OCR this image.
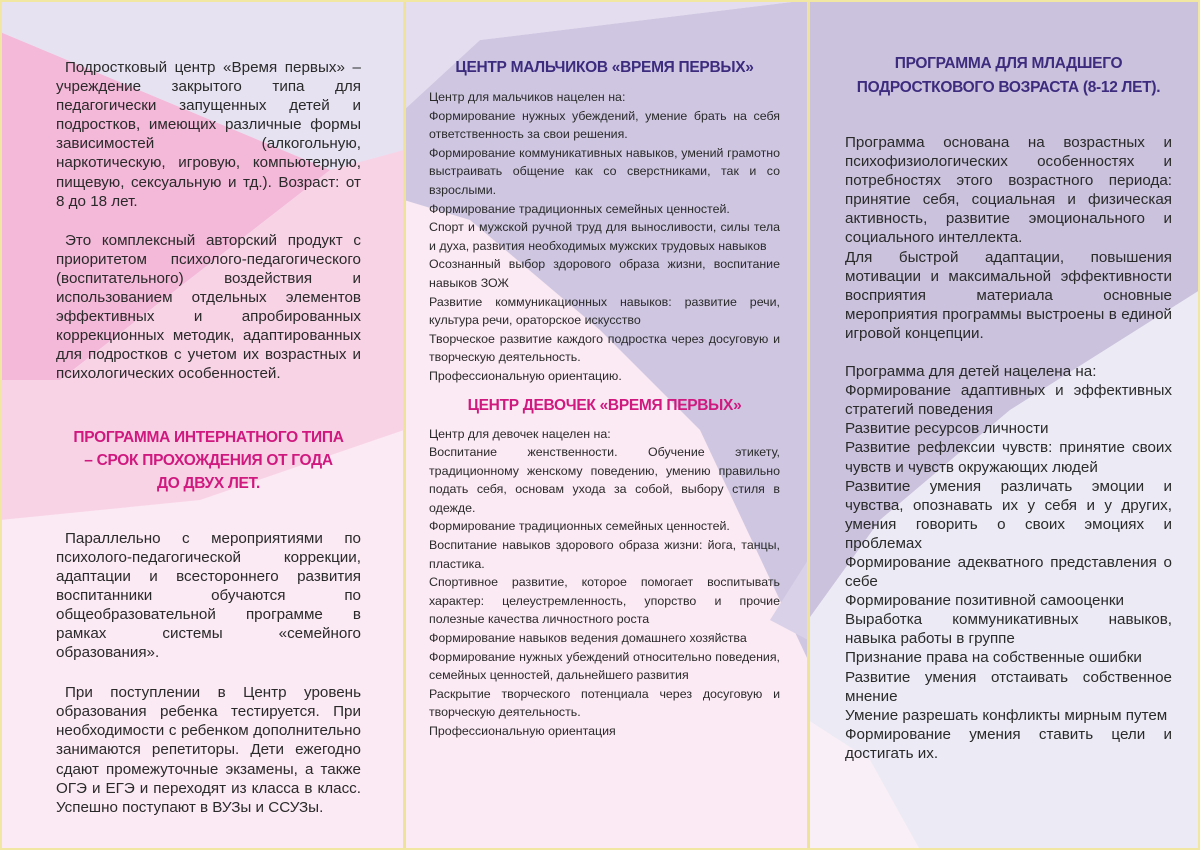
Подростковый центр «Время первых» – учреждение закрытого типа для педагогически запущенных детей и подростков, имеющих различные формы зависимостей (алкогольную, наркотическую, игровую, компьютерную, пищевую, сексуальную и тд.). Возраст: от 8 до 18 лет.

Это комплексный авторский продукт с приоритетом психолого-педагогического (воспитательного) воздействия и использованием отдельных элементов эффективных и апробированных коррекционных методик, адаптированных для подростков с учетом их возрастных и психологических особенностей.

ПРОГРАММА ИНТЕРНАТНОГО ТИПА

– СРОК ПРОХОЖДЕНИЯ ОТ ГОДА

ДО ДВУХ ЛЕТ.

Параллельно с мероприятиями по психолого-педагогической коррекции, адаптации и всестороннего развития воспитанники обучаются по общеобразовательной программе в рамках системы «семейного образования».

При поступлении в Центр уровень образования ребенка тестируется. При необходимости с ребенком дополнительно занимаются репетиторы. Дети ежегодно сдают промежуточные экзамены, а также ОГЭ и ЕГЭ и переходят из класса в класс. Успешно поступают в ВУЗы и ССУЗы.

ЦЕНТР МАЛЬЧИКОВ «ВРЕМЯ ПЕРВЫХ»

Центр для мальчиков нацелен на:

Формирование нужных убеждений, умение брать на себя ответственность за свои решения.

Формирование коммуникативных навыков, умений грамотно выстраивать общение как со сверстниками, так и со взрослыми.

Формирование традиционных семейных ценностей.

Спорт и мужской ручной труд для выносливости, силы тела и духа, развития необходимых мужских трудовых навыков

Осознанный выбор здорового образа жизни, воспитание навыков ЗОЖ

Развитие коммуникационных навыков: развитие речи, культура речи, ораторское искусство

Творческое развитие каждого подростка через досуговую и творческую деятельность.

Профессиональную ориентацию.

ЦЕНТР ДЕВОЧЕК «ВРЕМЯ ПЕРВЫХ»

Центр для девочек нацелен на:

Воспитание женственности. Обучение этикету, традиционному женскому поведению, умению правильно подать себя, основам ухода за собой, выбору стиля в одежде.

Формирование традиционных семейных ценностей.

Воспитание навыков здорового образа жизни: йога, танцы, пластика.

Спортивное развитие, которое помогает воспитывать характер: целеустремленность, упорство и прочие полезные качества личностного роста

Формирование навыков ведения домашнего хозяйства

Формирование нужных убеждений относительно поведения, семейных ценностей, дальнейшего развития

Раскрытие творческого потенциала через досуговую и творческую деятельность.

Профессиональную ориентация

ПРОГРАММА ДЛЯ МЛАДШЕГО

ПОДРОСТКОВОГО ВОЗРАСТА (8-12 ЛЕТ).

Программа основана на возрастных и психофизиологических особенностях и потребностях этого возрастного периода: принятие себя, социальная и физическая активность, развитие эмоционального и социального интеллекта.

Для быстрой адаптации, повышения мотивации и максимальной эффективности восприятия материала основные мероприятия программы выстроены в единой игровой концепции.

Программа для детей нацелена на:

Формирование адаптивных и эффективных стратегий поведения

Развитие ресурсов личности

Развитие рефлексии чувств: принятие своих чувств и чувств окружающих людей

Развитие умения различать эмоции и чувства, опознавать их у себя и у других, умения говорить о своих эмоциях и проблемах

Формирование адекватного представления о себе

Формирование позитивной самооценки

Выработка коммуникативных навыков, навыка работы в группе

Признание права на собственные ошибки

Развитие умения отстаивать собственное мнение

Умение разрешать конфликты мирным путем

Формирование умения ставить цели и достигать их.
